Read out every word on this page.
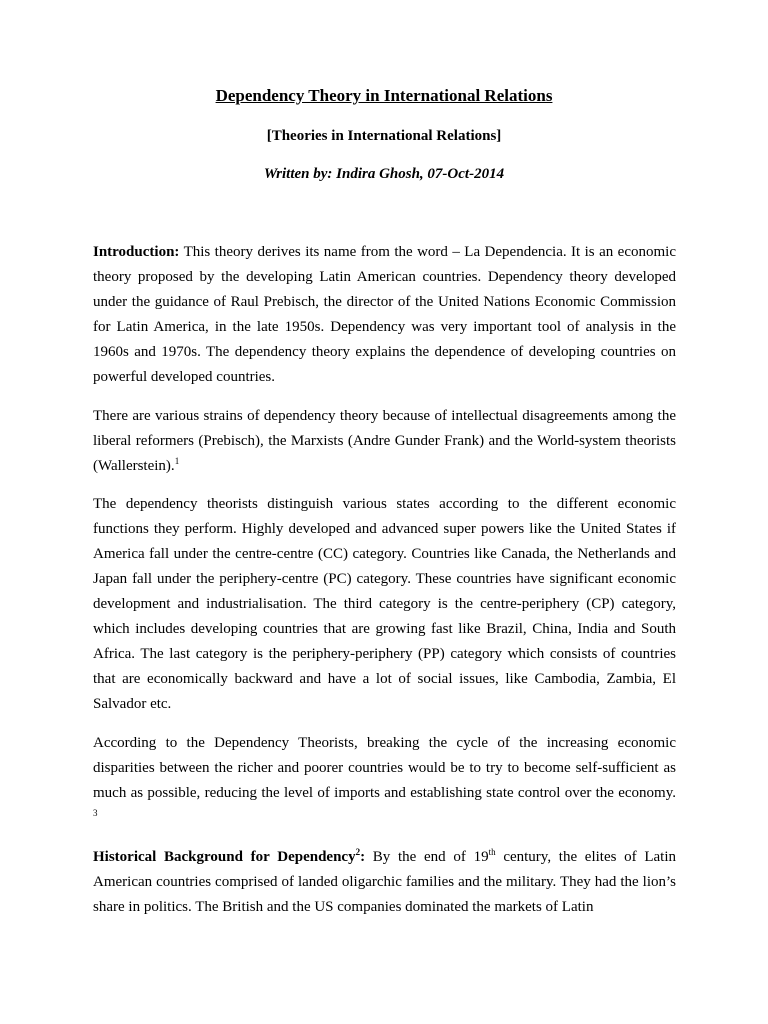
Dependency Theory in International Relations

[Theories in International Relations]

Written by: Indira Ghosh, 07-Oct-2014

Introduction: This theory derives its name from the word – La Dependencia. It is an economic theory proposed by the developing Latin American countries. Dependency theory developed under the guidance of Raul Prebisch, the director of the United Nations Economic Commission for Latin America, in the late 1950s. Dependency was very important tool of analysis in the 1960s and 1970s. The dependency theory explains the dependence of developing countries on powerful developed countries.

There are various strains of dependency theory because of intellectual disagreements among the liberal reformers (Prebisch), the Marxists (Andre Gunder Frank) and the World-system theorists (Wallerstein).$^1$

The dependency theorists distinguish various states according to the different economic functions they perform. Highly developed and advanced super powers like the United States if America fall under the centre-centre (CC) category. Countries like Canada, the Netherlands and Japan fall under the periphery-centre (PC) category. These countries have significant economic development and industrialisation. The third category is the centre-periphery (CP) category, which includes developing countries that are growing fast like Brazil, China, India and South Africa. The last category is the periphery-periphery (PP) category which consists of countries that are economically backward and have a lot of social issues, like Cambodia, Zambia, El Salvador etc.

According to the Dependency Theorists, breaking the cycle of the increasing economic disparities between the richer and poorer countries would be to try to become self-sufficient as much as possible, reducing the level of imports and establishing state control over the economy. $^3$

Historical Background for Dependency$^2$: By the end of 19th century, the elites of Latin American countries comprised of landed oligarchic families and the military. They had the lion’s share in politics. The British and the US companies dominated the markets of Latin
